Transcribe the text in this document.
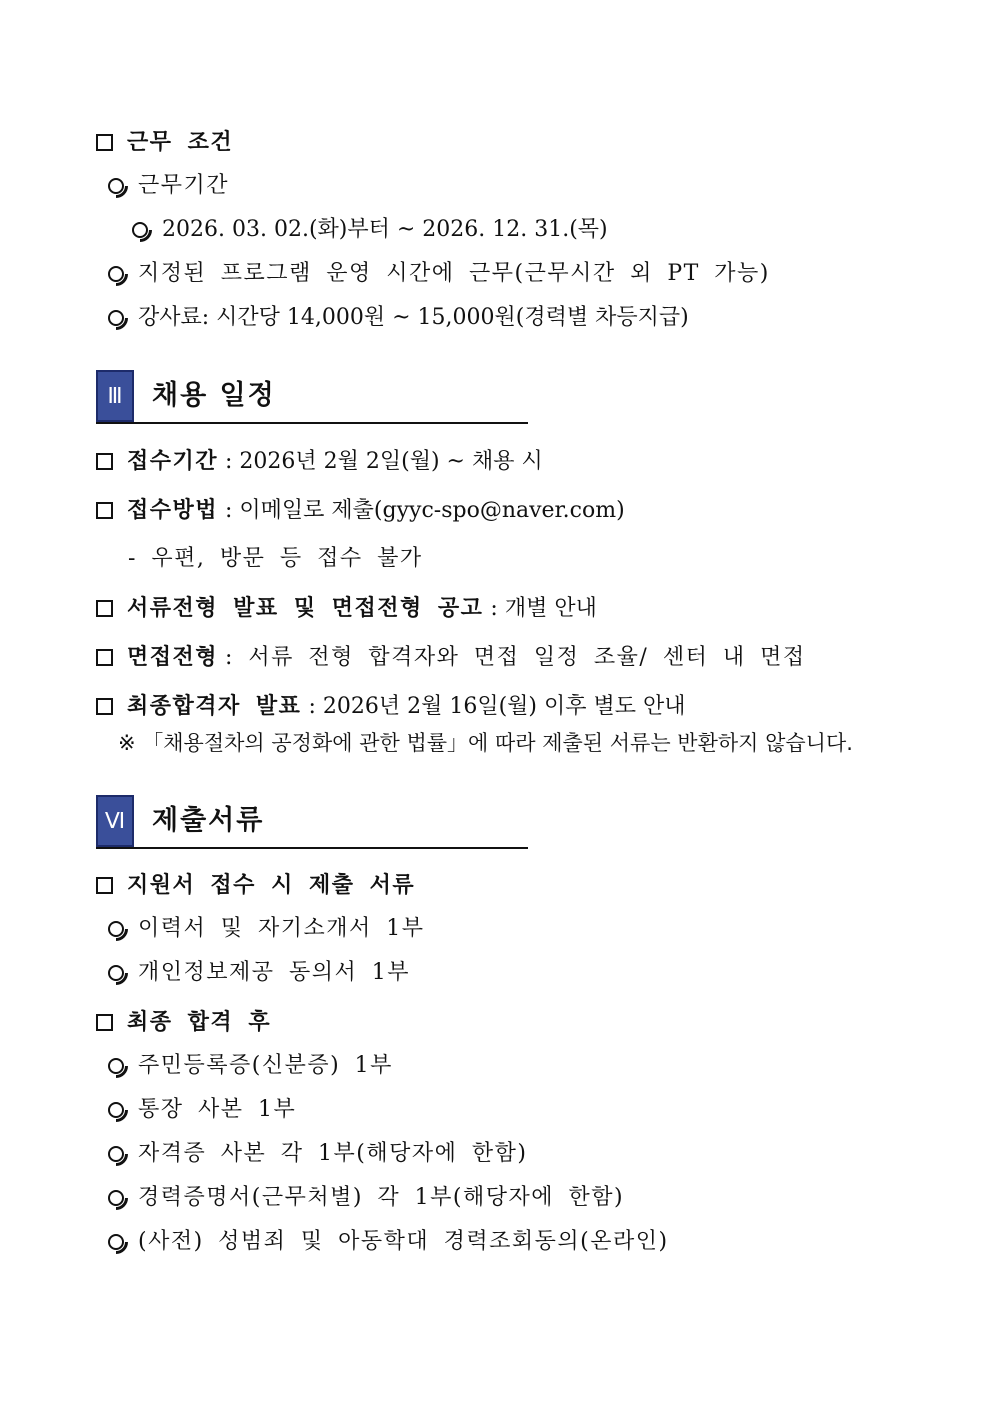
근무 조건
근무기간
2026. 03. 02.(화)부터 ~ 2026. 12. 31.(목)
지정된 프로그램 운영 시간에 근무(근무시간 외 PT 가능)
강사료: 시간당 14,000원 ~ 15,000원(경력별 차등지급)
Ⅲ	채용 일정
접수기간 : 2026년 2월 2일(월) ~ 채용 시
접수방법 : 이메일로 제출(gyyc-spo@naver.com)
- 우편, 방문 등 접수 불가
서류전형 발표 및 면접전형 공고 : 개별 안내
면접전형 : 서류 전형 합격자와 면접 일정 조율/ 센터 내 면접
최종합격자 발표 : 2026년 2월 16일(월) 이후 별도 안내
※ 「채용절차의 공정화에 관한 법률」에 따라 제출된 서류는 반환하지 않습니다.
Ⅵ 제출서류
지원서 접수 시 제출 서류
이력서 및 자기소개서 1부
개인정보제공 동의서 1부
최종 합격 후
주민등록증(신분증) 1부
통장 사본 1부
자격증 사본 각 1부(해당자에 한함)
경력증명서(근무처별) 각 1부(해당자에 한함)
(사전) 성범죄 및 아동학대 경력조회동의(온라인)
